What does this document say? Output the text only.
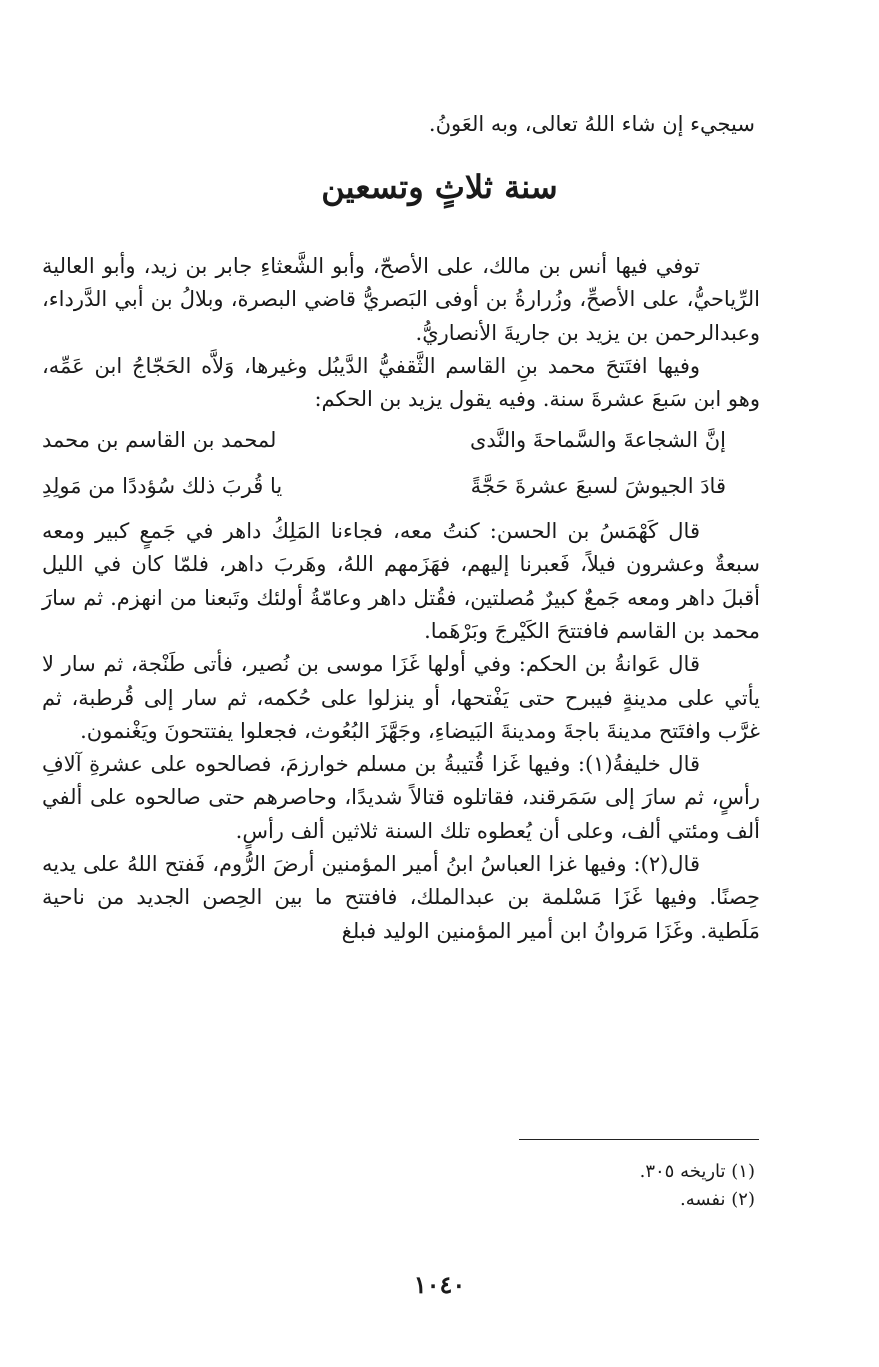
سيجيء إن شاء اللهُ تعالى، وبه العَونُ.
سنة ثلاثٍ وتسعين

توفي فيها أنس بن مالك، على الأصحّ، وأبو الشَّعثاءِ جابر بن زيد، وأبو العالية الرِّياحيُّ، على الأصحِّ، وزُرارةُ بن أوفى البَصريُّ قاضي البصرة، وبلالُ بن أبي الدَّرداء، وعبدالرحمن بن يزيد بن جاريةَ الأنصاريُّ.

وفيها افتَتحَ محمد بنِ القاسم الثَّقفيُّ الدَّيبُل وغيرها، وَلاَّه الحَجّاجُ ابن عَمِّه، وهو ابن سَبعَ عشرةَ سنة. وفيه يقول يزيد بن الحكم:

إنَّ الشجاعةَ والسَّماحةَ والنَّدى
لمحمد بن القاسم بن محمد
قادَ الجيوشَ لسبعَ عشرةَ حَجَّةً
يا قُربَ ذلك سُؤددًا من مَولِدِ

قال كَهْمَسُ بن الحسن: كنتُ معه، فجاءنا المَلِكُ داهر في جَمعٍ كبير ومعه سبعةٌ وعشرون فيلاً، فَعبرنا إليهم، فهَزَمهم اللهُ، وهَربَ داهر، فلمّا كان في الليل أقبلَ داهر ومعه جَمعٌ كبيرٌ مُصلتين، فقُتل داهر وعامّةُ أولئك وتَبعنا من انهزم. ثم سارَ محمد بن القاسم فافتتحَ الكَيْرجَ وبَرْهَما.

قال عَوانةُ بن الحكم: وفي أولها غَزَا موسى بن نُصير، فأتى طَنْجة، ثم سار لا يأتي على مدينةٍ فيبرح حتى يَفْتحها، أو ينزلوا على حُكمه، ثم سار إلى قُرطبة، ثم غرَّب وافتَتح مدينةَ باجةَ ومدينةَ البَيضاءِ، وجَهَّزَ البُعُوث، فجعلوا يفتتحونَ ويَغْنمون.

قال خليفةُ(١): وفيها غَزا قُتيبةُ بن مسلم خوارزمَ، فصالحوه على عشرةِ آلافِ رأسٍ، ثم سارَ إلى سَمَرقند، فقاتلوه قتالاً شديدًا، وحاصرهم حتى صالحوه على ألفي ألف ومئتي ألف، وعلى أن يُعطوه تلك السنة ثلاثين ألف رأسٍ.

قال(٢): وفيها غزا العباسُ ابنُ أمير المؤمنين أرضَ الرُّوم، فَفتح اللهُ على يديه حِصنًا. وفيها غَزَا مَسْلمة بن عبدالملك، فافتتح ما بين الحِصن الجديد من ناحية مَلَطية. وغَزَا مَروانُ ابن أمير المؤمنين الوليد فبلغ

(١) تاريخه ٣٠٥.
(٢) نفسه.
١٠٤٠
